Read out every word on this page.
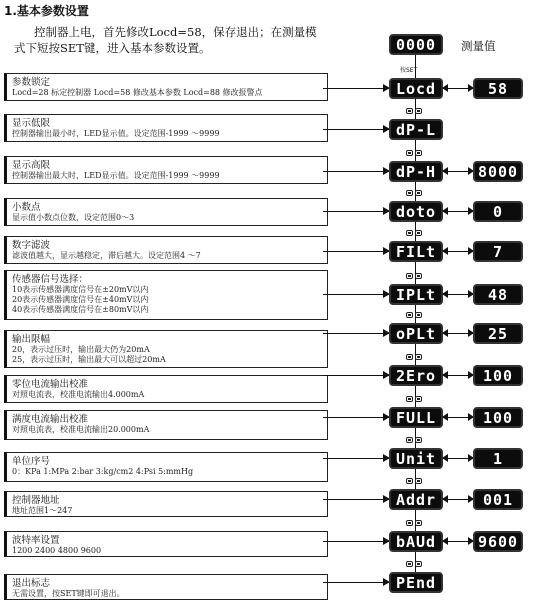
1.基本参数设置
控制器上电，首先修改Locd=58，保存退出；在测量模
式下短按SET键，进入基本参数设置。	测量值
按SET
0000
参数锁定
Locd=28 标定控制器 Locd=58 修改基本参数 Locd=88 修改报警点	Locd	58
显示低限
控制器输出最小时，LED显示值。设定范围-1999 ～9999	dP-L
显示高限
控制器输出最大时，LED显示值。设定范围-1999 ～9999	dP-H	8000
小数点
显示值小数点位数，设定范围0～3	doto	0
数字滤波
滤波值越大，显示越稳定，滞后越大。设定范围4 ～7	FILt	7
传感器信号选择：
10表示传感器满度信号在±20mV以内
20表示传感器满度信号在±40mV以内
40表示传感器满度信号在±80mV以内
IPLt	48
输出限幅
20，表示过压时，输出最大仍为20mA
25，表示过压时，输出最大可以超过20mA
oPLt	25
零位电流输出校准
对照电流表，校准电流输出4.000mA
2Ero	100
满度电流输出校准
对照电流表，校准电流输出20.000mA
FULL	100
单位序号
0：KPa 1:MPa 2:bar 3:kg/cm2 4:Psi 5:mmHg
Unit	1
控制器地址
地址范围1～247
Addr	001
波特率设置
1200 2400 4800 9600	bAUd	9600
退出标志
无需设置，按SET键即可退出。
PEnd
